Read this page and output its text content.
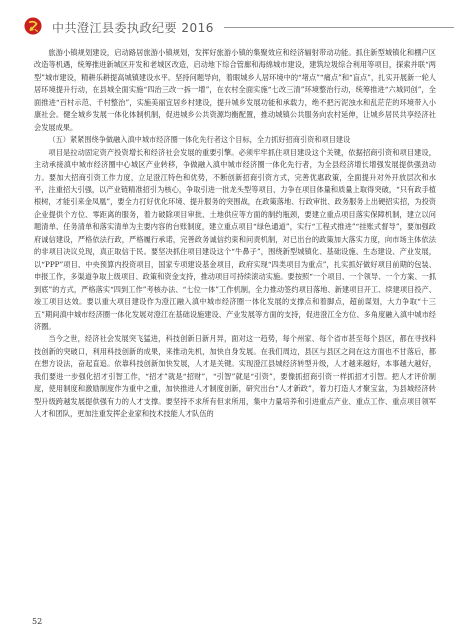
中共澄江县委执政纪要 2016

旅游小镇规划建设，启动路居旅游小镇规划，发挥好旅游小镇的集聚效应和经济辐射带动功能。抓住新型城镇化和棚户区改造等机遇，统筹推进新城区开发和老城区改造，启动地下综合管廊和海绵城市建设，建筑垃圾综合利用等项目，探索并联“两型”城市建设，精耕乐耕提高城镇建设水平。坚持问题导向，着眼城乡人居环境中的“堵点”“痛点”和“盲点”，扎实开展新一轮人居环境提升行动，在县城全面实施“四治三改一拆一增”，在农村全面实施“七改三清”环境整治行动，统筹推进“六城同创”，全面推进“百村示范、千村整治”，实施美丽宜居乡村建设，提升城乡发展功能和承载力，绝不把污泥浊水和乱茫茫的环境带入小康社会。健全城乡发展一体化体制机制，促进城乡公共资源均衡配置，推动城镇公共服务向农村延伸，让城乡居民共享经济社会发展成果。

（五）紧紧围绕争做融入滇中城市经济圈一体化先行者这个目标，全力抓好招商引资和项目建设

项目是拉动固定资产投资增长和经济社会发展的重要引擎。必须牢牢抓住项目建设这个关键，依据招商引资和项目建设，主动承接滇中城市经济圈中心城区产业转移，争做融入滇中城市经济圈一体化先行者，为全县经济增长增强发展提供强劲动力。要加大招商引资工作力度，立足澄江特色和优势，不断创新招商引资方式，完善优惠政策，全面提升对外开放层次和水平，注重招大引强，以产业链精准招引为核心，争取引进一批龙头型等项目，力争在项目体量和质量上取得突破，“只有政手植根树，才能引来金凤凰”，要全力打好优化环境、提升服务的突围战，在政策落地、行政审批、政务服务上出硬招实招，为投资企业提供个方位、零距离的服务，着力破除项目审批、土地供应等方面的制约瓶颈，要建立重点项目落实保障机制，建立以问题清单、任务清单和落实清单为主要内容的台账制度，建立重点项目“绿色通道”，实行“工程式推进”“挂账式督导”，要加强政府诚信建设，严格依法行政，严格履行承诺，完善政务诚信约束和问责机制，对已出台的政策加大落实力度，向市场主体依法的非项目决议兑现，真正取信于民。要坚决抓住项目建设这个“牛鼻子”，围绕新型城镇化、基础设施、生态建设、产业发展，以“PPP”项目、中央预算内投资项目，国家专项建设基金项目，政府实现“四类项目为重点”，扎实抓好做好项目前期的包装、申报工作，多渠道争取上级项目、政策和资金支持，推动项目可持续滚动实施。要按照“一个项目、一个领导、一个方案、一抓到底”的方式，严格落实“四到工作”考核办法、“七位一体”工作机制，全力推动签约项目落地、新建项目开工、续建项目投产、竣工项目达效。要以重大项目建设作为澄江融入滇中城市经济圈一体化发展的支撑点和着脚点，超前谋划，大力争取“十三五”期间滇中城市经济圈一体化发展对澄江在基础设施建设、产业发展等方面的支持，促进澄江全方位、多角度融入滇中城市经济圈。

当今之世，经济社会发展突飞猛进，科技创新日新月异，面对这一趋势，每个州家、每个省市甚至每个县区，都在寻找科技创新的突破口，利用科技创新的成果，来推动先机，加快自身发展。在我们周边，县区与县区之间在这方面也不甘落后，都在想方设法，奋起直追。依靠科技创新加快发展，人才是关键。实现澄江县城经济转型升级，人才越来越好，本事越大越好，我们要进一步强化招才引智工作，“招才”就是“招财”，“引智”就是“引资”，要像抓招商引资一样抓招才引智。把人才评价制度，使用制度和激励制度作为重中之重，加快推进人才制度创新，研究出台“人才新政”，着力打造人才聚宝盆，为县城经济转型升级跨越发展提供强有力的人才支撑。要坚持不求所有但求所用，集中力量培养和引进重点产业、重点工作、重点项目领军人才和团队，更加注重发挥企业家和技术技能人才队伍的

52
